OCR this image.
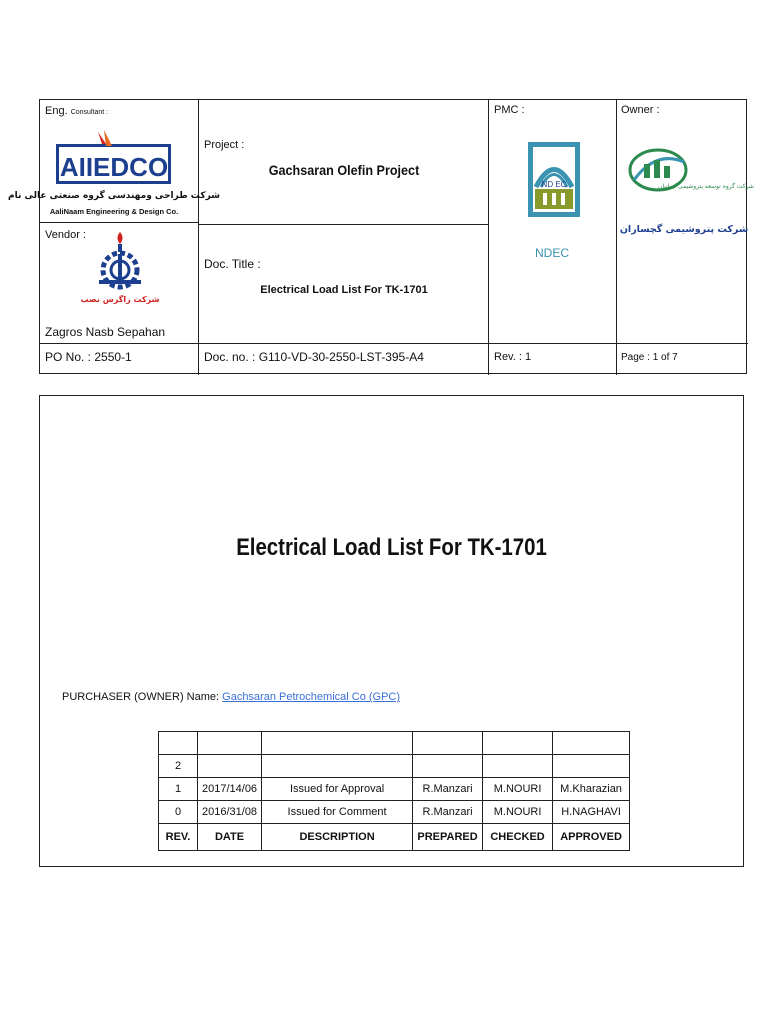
Eng. Consultant :
AIIEDCO
شرکت طراحی ومهندسی گروه صنعتی عالی نام
AaliNaam Engineering & Design Co.
Project :
Gachsaran Olefin Project
PMC :
ND EC
NDEC
Owner :
شرکت گروه توسعه پتروشیمی ایرانیان
شرکت پتروشیمی گچساران
Vendor :
شرکت زاگرس نصب
Zagros Nasb Sepahan
Doc. Title :
Electrical Load List For TK-1701
PO No. : 2550-1	Doc. no. : G110-VD-30-2550-LST-395-A4	Rev. : 1	Page : 1 of 7
Electrical Load List For TK-1701
PURCHASER (OWNER) Name: Gachsaran Petrochemical Co (GPC)

2					
1	2017/14/06	Issued for Approval	R.Manzari	M.NOURI	M.Kharazian
0	2016/31/08	Issued for Comment	R.Manzari	M.NOURI	H.NAGHAVI
REV.	DATE	DESCRIPTION	PREPARED	CHECKED	APPROVED
